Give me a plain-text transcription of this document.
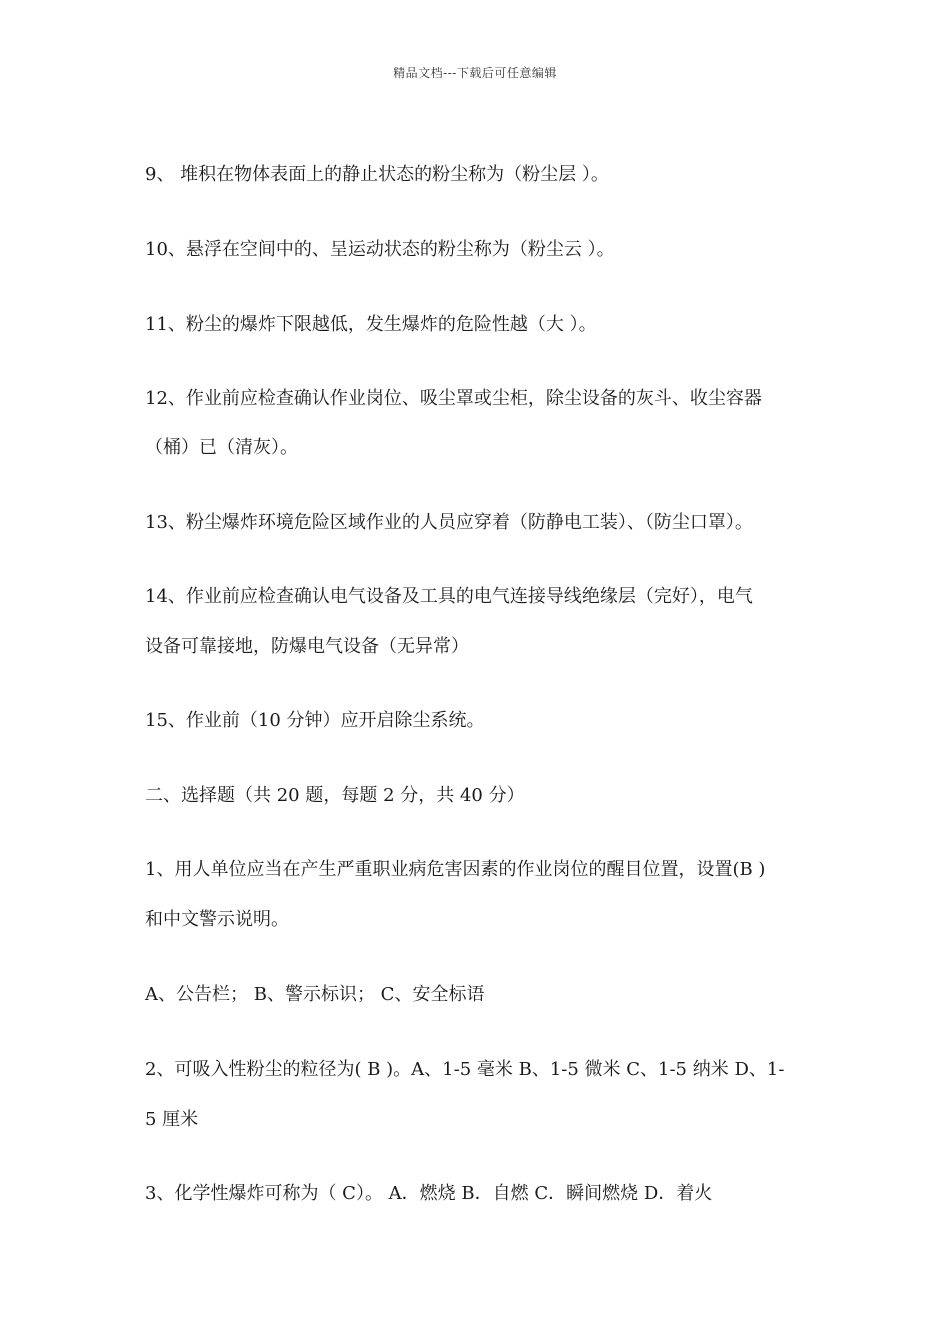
精品文档---下载后可任意编辑
9、 堆积在物体表面上的静止状态的粉尘称为（粉尘层 ）。
10、悬浮在空间中的、呈运动状态的粉尘称为（粉尘云 ）。
11、粉尘的爆炸下限越低，发生爆炸的危险性越（大 ）。
12、作业前应检查确认作业岗位、吸尘罩或尘柜，除尘设备的灰斗、收尘容器
（桶）已（清灰）。
13、粉尘爆炸环境危险区域作业的人员应穿着（防静电工装）、（防尘口罩）。
14、作业前应检查确认电气设备及工具的电气连接导线绝缘层（完好），电气
设备可靠接地，防爆电气设备（无异常）
15、作业前（10 分钟）应开启除尘系统。
二、选择题（共 20 题，每题 2 分，共 40 分）
1、用人单位应当在产生严重职业病危害因素的作业岗位的醒目位置，设置(B )
和中文警示说明。
A、公告栏； B、警示标识； C、安全标语
2、可吸入性粉尘的粒径为( B )。A、1-5 毫米 B、1-5 微米 C、1-5 纳米 D、1-
5 厘米
3、化学性爆炸可称为（ C）。 A．燃烧 B．自燃 C．瞬间燃烧 D．着火
